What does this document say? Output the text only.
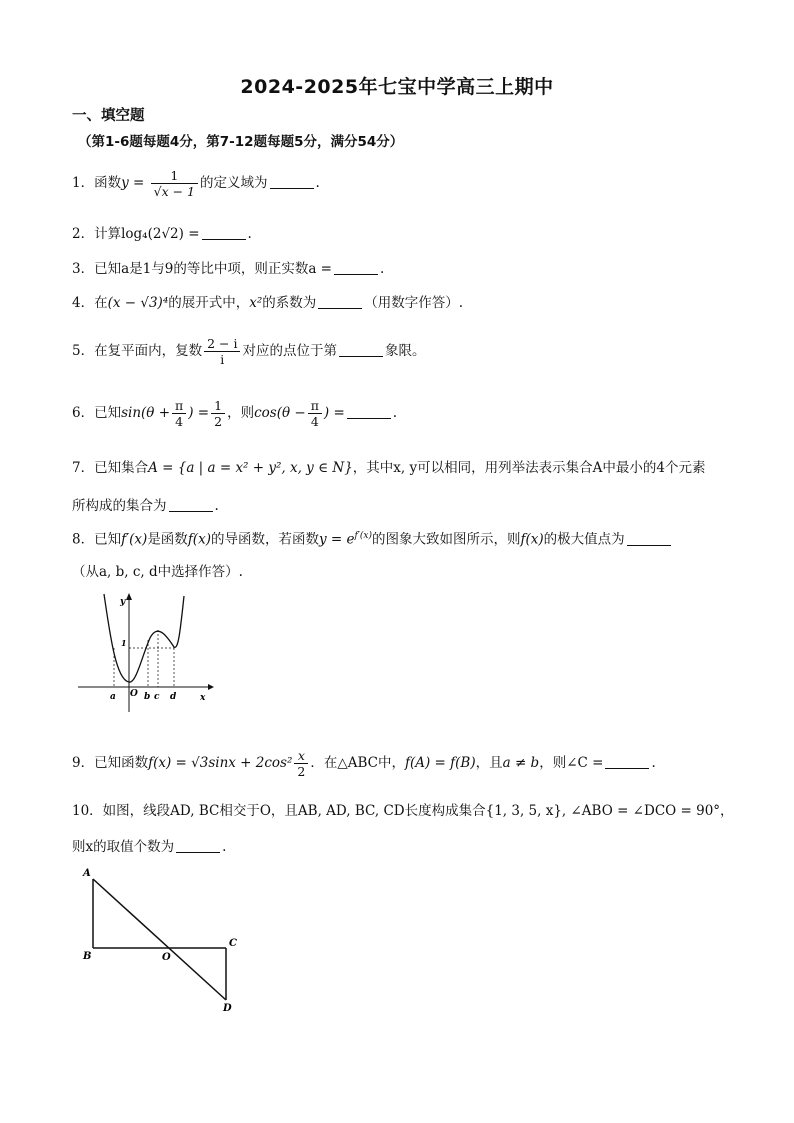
2024-2025年七宝中学高三上期中
一、填空题
（第1-6题每题4分，第7-12题每题5分，满分54分）
1．函数$y = \frac{1}{√x - 1}$ 的定义域为	.
2．计算log₄(2√2) =	.
3．已知a是1与9的等比中项，则正实数a =	.
4．在(x − √3)⁴的展开式中，x²的系数为	（用数字作答）.
5．在复平面内，复数 $\frac{2 - i}{i}$ 对应的点位于第	象限。
6．已知$\sin(\theta + \frac{\pi}{4}$ ) = $\frac{1}{2}$ ，则$\cos(\theta - \frac{\pi}{4}$ ) =	.
7．已知集合A = {a | a = x² + y², x, y ∈ N}，其中x, y可以相同，用列举法表示集合A中最小的4个元素
所构成的集合为	.
8．已知f′(x)是函数f(x)的导函数，若函数$y = e^{f'(x)}$的图象大致如图所示，则f(x)的极大值点为
（从a, b, c, d中选择作答）.
y
x
1
O
a	b c d
9．已知函数$f(x) = √3\sin x + 2\cos^2 \frac{x}{2}$ ．在△ABC中，f(A) = f(B)，且a ≠ b，则∠C =	.
10．如图，线段AD, BC相交于O，且AB, AD, BC, CD长度构成集合{1, 3, 5, x}, ∠ABO = ∠DCO = 90°，
则x的取值个数为	.
A
B
C
D
O
